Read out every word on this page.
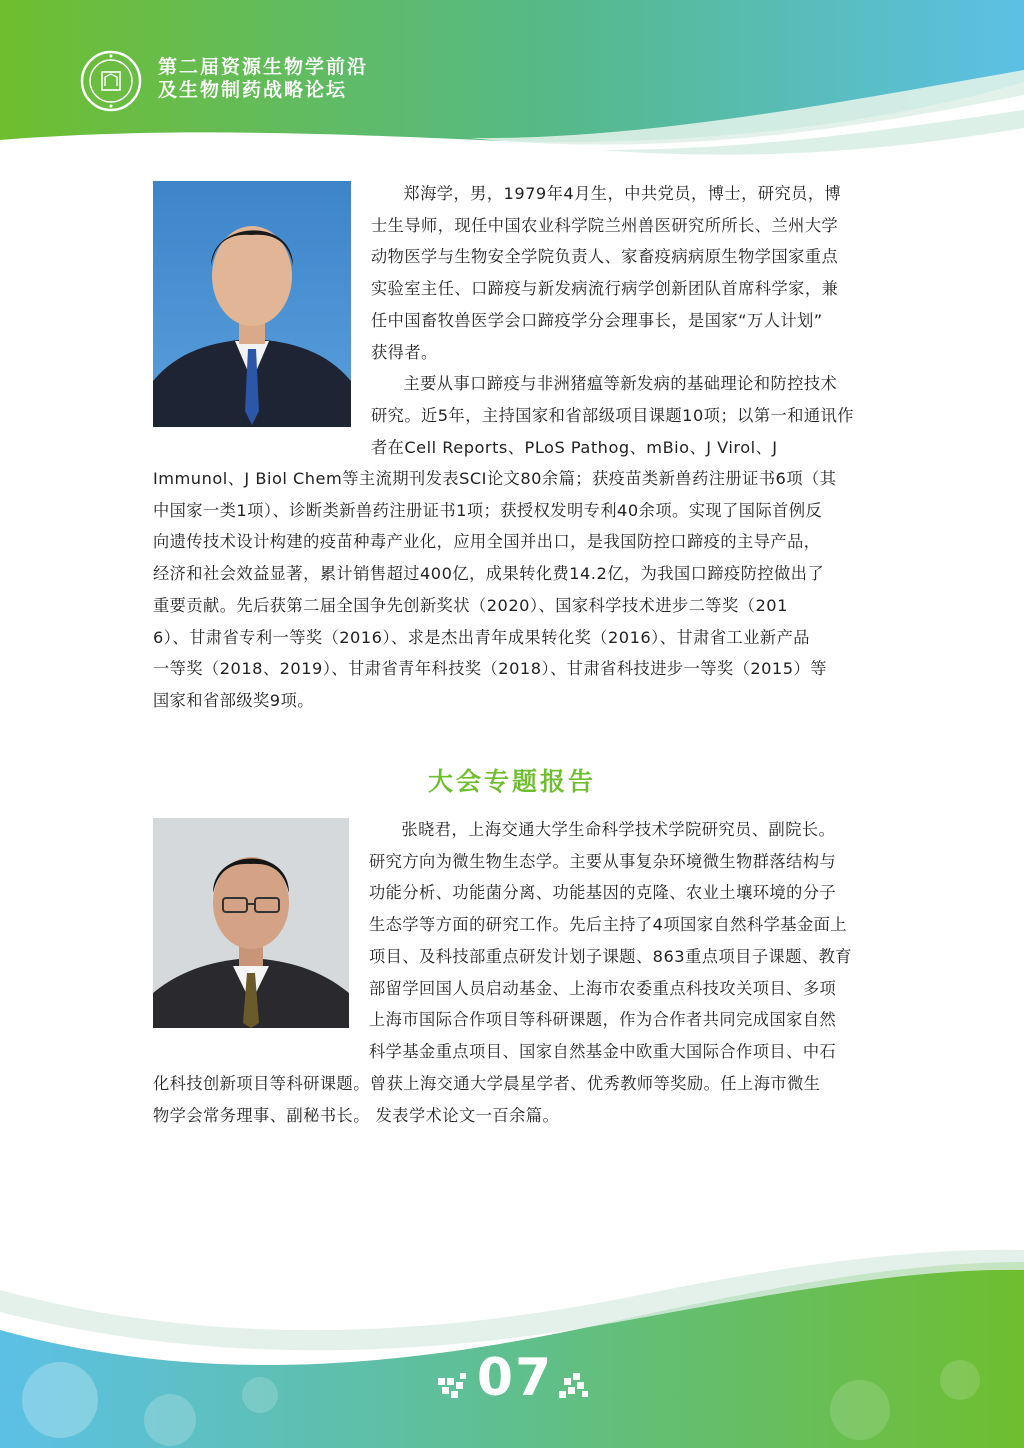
第二届资源生物学前沿
及生物制药战略论坛

郑海学，男，1979年4月生，中共党员，博士，研究员，博
士生导师，现任中国农业科学院兰州兽医研究所所长、兰州大学
动物医学与生物安全学院负责人、家畜疫病病原生物学国家重点
实验室主任、口蹄疫与新发病流行病学创新团队首席科学家，兼
任中国畜牧兽医学会口蹄疫学分会理事长，是国家“万人计划”
获得者。
主要从事口蹄疫与非洲猪瘟等新发病的基础理论和防控技术
研究。近5年，主持国家和省部级项目课题10项；以第一和通讯作
者在Cell Reports、PLoS Pathog、mBio、J Virol、J

Immunol、J Biol Chem等主流期刊发表SCI论文80余篇；获疫苗类新兽药注册证书6项（其
中国家一类1项）、诊断类新兽药注册证书1项；获授权发明专利40余项。实现了国际首例反
向遗传技术设计构建的疫苗种毒产业化，应用全国并出口，是我国防控口蹄疫的主导产品，
经济和社会效益显著，累计销售超过400亿，成果转化费14.2亿，为我国口蹄疫防控做出了
重要贡献。先后获第二届全国争先创新奖状（2020）、国家科学技术进步二等奖（201
6）、甘肃省专利一等奖（2016）、求是杰出青年成果转化奖（2016）、甘肃省工业新产品
一等奖（2018、2019）、甘肃省青年科技奖（2018）、甘肃省科技进步一等奖（2015）等
国家和省部级奖9项。

大会专题报告

张晓君，上海交通大学生命科学技术学院研究员、副院长。
研究方向为微生物生态学。主要从事复杂环境微生物群落结构与
功能分析、功能菌分离、功能基因的克隆、农业土壤环境的分子
生态学等方面的研究工作。先后主持了4项国家自然科学基金面上
项目、及科技部重点研发计划子课题、863重点项目子课题、教育
部留学回国人员启动基金、上海市农委重点科技攻关项目、多项
上海市国际合作项目等科研课题，作为合作者共同完成国家自然
科学基金重点项目、国家自然基金中欧重大国际合作项目、中石

化科技创新项目等科研课题。曾获上海交通大学晨星学者、优秀教师等奖励。任上海市微生
物学会常务理事、副秘书长。 发表学术论文一百余篇。

07
